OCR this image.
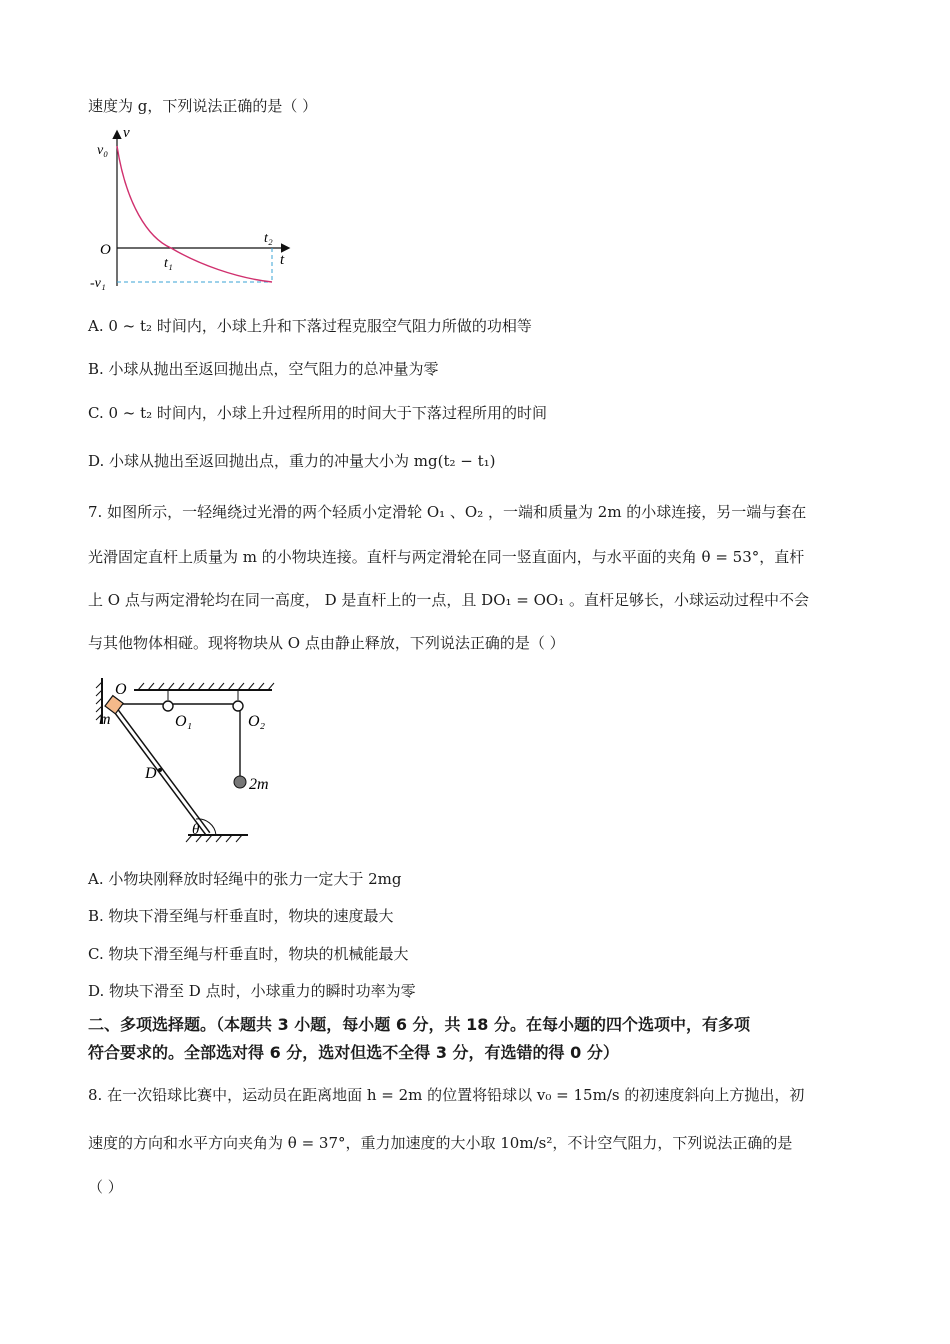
速度为 g，下列说法正确的是（ ）
v
v₀
O
t₁
t₂
t
-v₁
A. 0 ~ t₂ 时间内，小球上升和下落过程克服空气阻力所做的功相等
B. 小球从抛出至返回抛出点，空气阻力的总冲量为零
C. 0 ~ t₂ 时间内，小球上升过程所用的时间大于下落过程所用的时间
D. 小球从抛出至返回抛出点，重力的冲量大小为 mg(t₂ − t₁)
7. 如图所示，一轻绳绕过光滑的两个轻质小定滑轮 O₁ 、O₂ ，一端和质量为 2m 的小球连接，另一端与套在
光滑固定直杆上质量为 m 的小物块连接。直杆与两定滑轮在同一竖直面内，与水平面的夹角 θ = 53°，直杆
上 O 点与两定滑轮均在同一高度， D 是直杆上的一点，且 DO₁ = OO₁ 。直杆足够长，小球运动过程中不会
与其他物体相碰。现将物块从 O 点由静止释放，下列说法正确的是（ ）
O
m	O₁	O₂
D
2m
θ
A. 小物块刚释放时轻绳中的张力一定大于 2mg
B. 物块下滑至绳与杆垂直时，物块的速度最大
C. 物块下滑至绳与杆垂直时，物块的机械能最大
D. 物块下滑至 D 点时，小球重力的瞬时功率为零
二、多项选择题。（本题共 3 小题，每小题 6 分，共 18 分。在每小题的四个选项中，有多项
符合要求的。全部选对得 6 分，选对但选不全得 3 分，有选错的得 0 分）
8. 在一次铅球比赛中，运动员在距离地面 h = 2m 的位置将铅球以 v₀ = 15m/s 的初速度斜向上方抛出，初
速度的方向和水平方向夹角为 θ = 37°，重力加速度的大小取 10m/s²，不计空气阻力，下列说法正确的是
（ ）
